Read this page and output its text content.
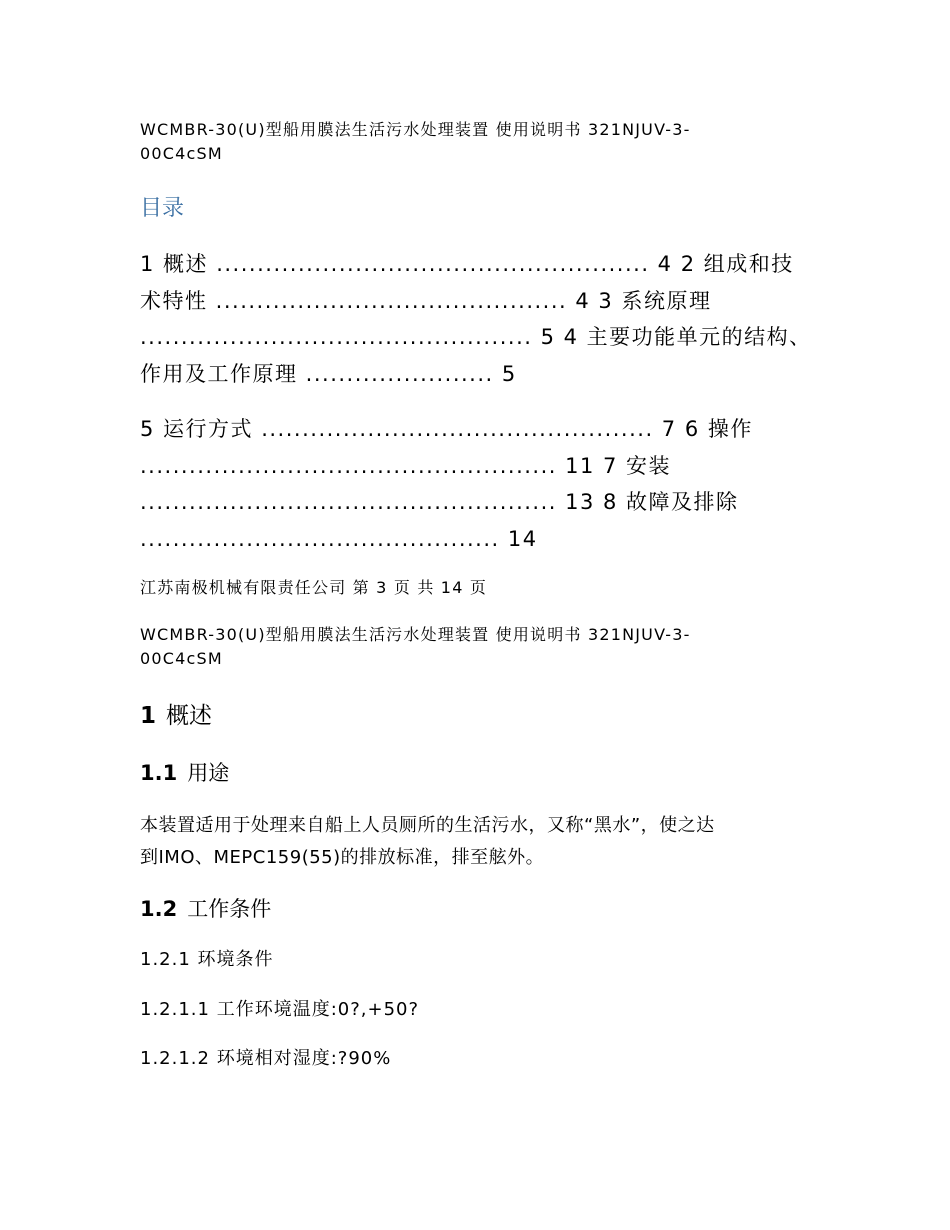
WCMBR-30(U)型船用膜法生活污水处理装置 使用说明书 321NJUV-3-
00C4cSM

目录
1 概述 ..................................................... 4 2 组成和技
术特性 ........................................... 4 3 系统原理
................................................ 5 4 主要功能单元的结构、
作用及工作原理 ....................... 5
5 运行方式 ................................................ 7 6 操作
................................................... 11 7 安装
................................................... 13 8 故障及排除
............................................ 14

江苏南极机械有限责任公司 第 3 页 共 14 页

WCMBR-30(U)型船用膜法生活污水处理装置 使用说明书 321NJUV-3-
00C4cSM

1 概述
1.1 用途

本装置适用于处理来自船上人员厕所的生活污水，又称“黑水”，使之达
到IMO、MEPC159(55)的排放标准，排至舷外。

1.2 工作条件

1.2.1 环境条件

1.2.1.1 工作环境温度:0?,+50?

1.2.1.2 环境相对湿度:?90%
